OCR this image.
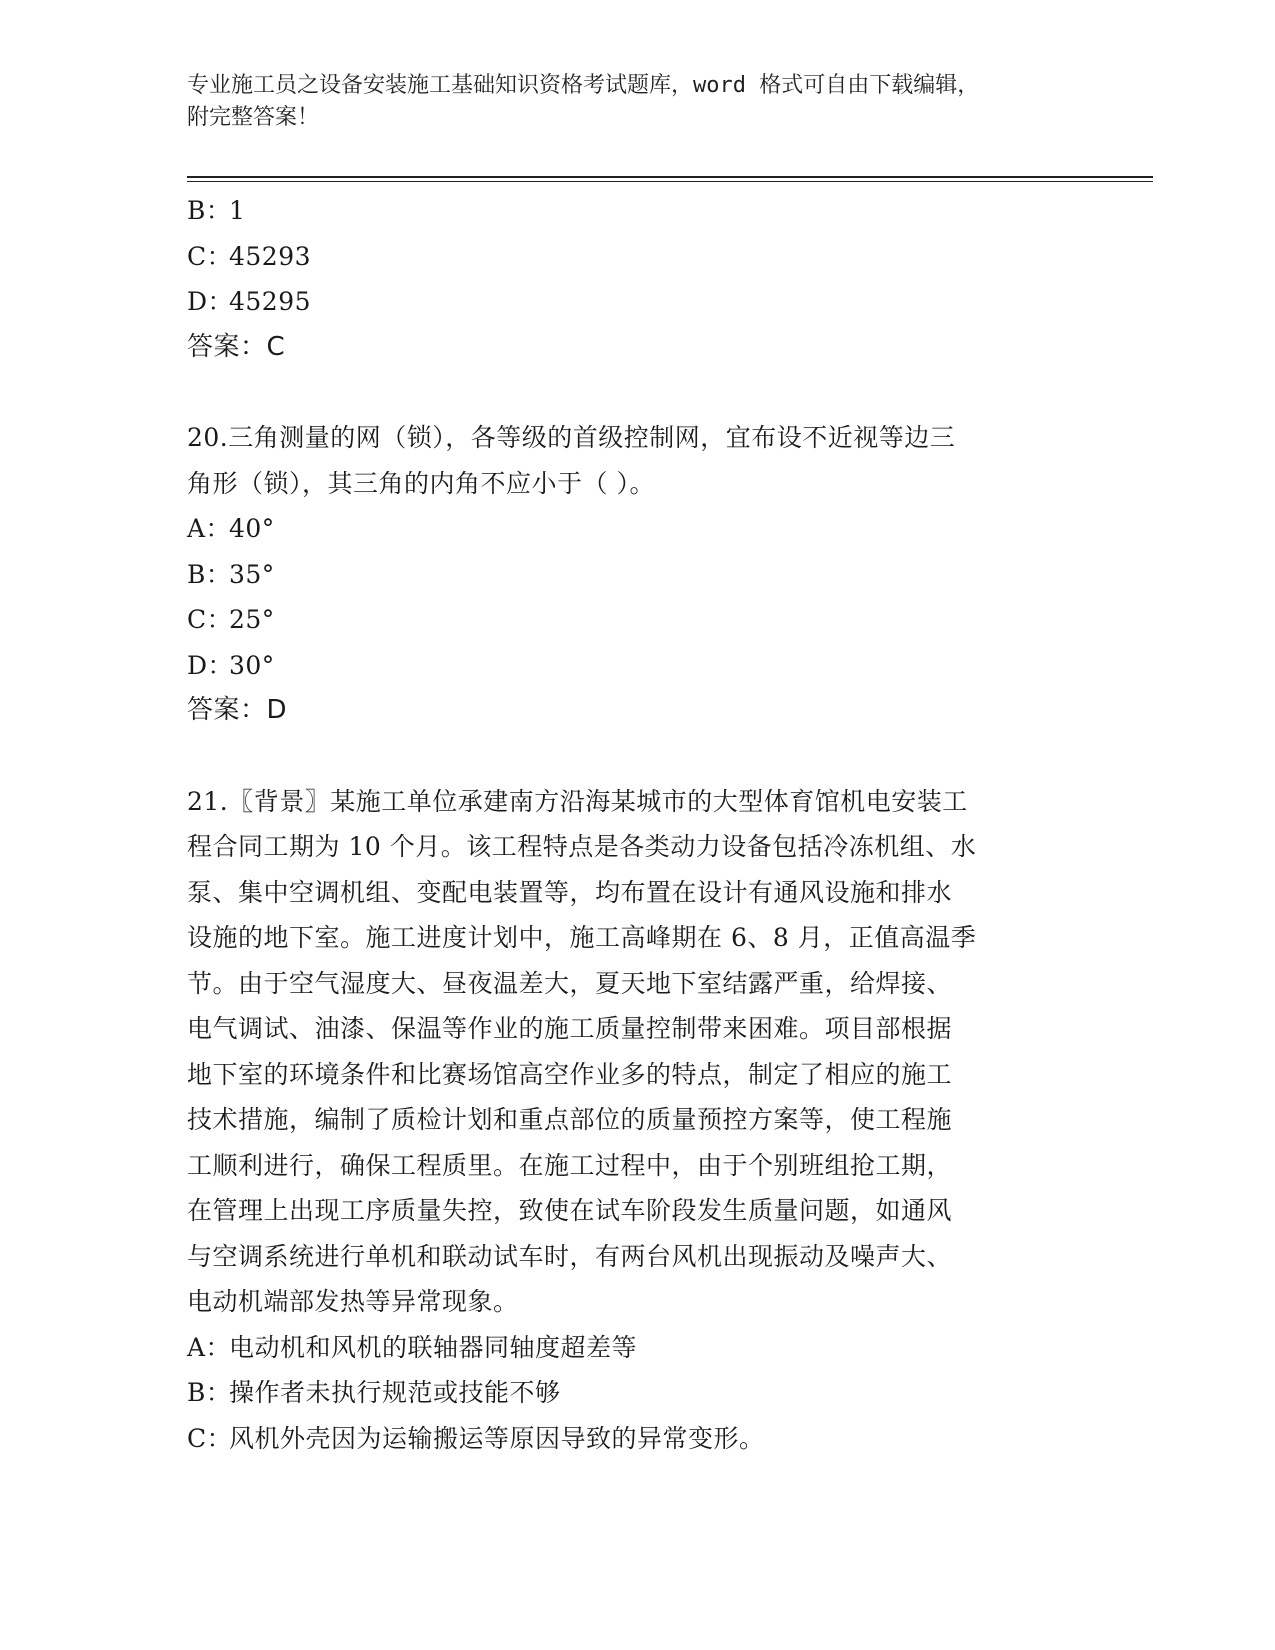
专业施工员之设备安装施工基础知识资格考试题库，word 格式可自由下载编辑，
附完整答案！
B：1
C：45293
D：45295
答案：C
20.三角测量的网（锁），各等级的首级控制网，宜布设不近视等边三
角形（锁），其三角的内角不应小于（ ）。
A：40°
B：35°
C：25°
D：30°
答案：D
21.〖背景〗某施工单位承建南方沿海某城市的大型体育馆机电安装工
程合同工期为 10 个月。该工程特点是各类动力设备包括冷冻机组、水
泵、集中空调机组、变配电装置等，均布置在设计有通风设施和排水
设施的地下室。施工进度计划中，施工高峰期在 6、8 月，正值高温季
节。由于空气湿度大、昼夜温差大，夏天地下室结露严重，给焊接、
电气调试、油漆、保温等作业的施工质量控制带来困难。项目部根据
地下室的环境条件和比赛场馆高空作业多的特点，制定了相应的施工
技术措施，编制了质检计划和重点部位的质量预控方案等，使工程施
工顺利进行，确保工程质里。在施工过程中，由于个别班组抢工期，
在管理上出现工序质量失控，致使在试车阶段发生质量问题，如通风
与空调系统进行单机和联动试车时，有两台风机出现振动及噪声大、
电动机端部发热等异常现象。
A：电动机和风机的联轴器同轴度超差等
B：操作者未执行规范或技能不够
C：风机外壳因为运输搬运等原因导致的异常变形。
